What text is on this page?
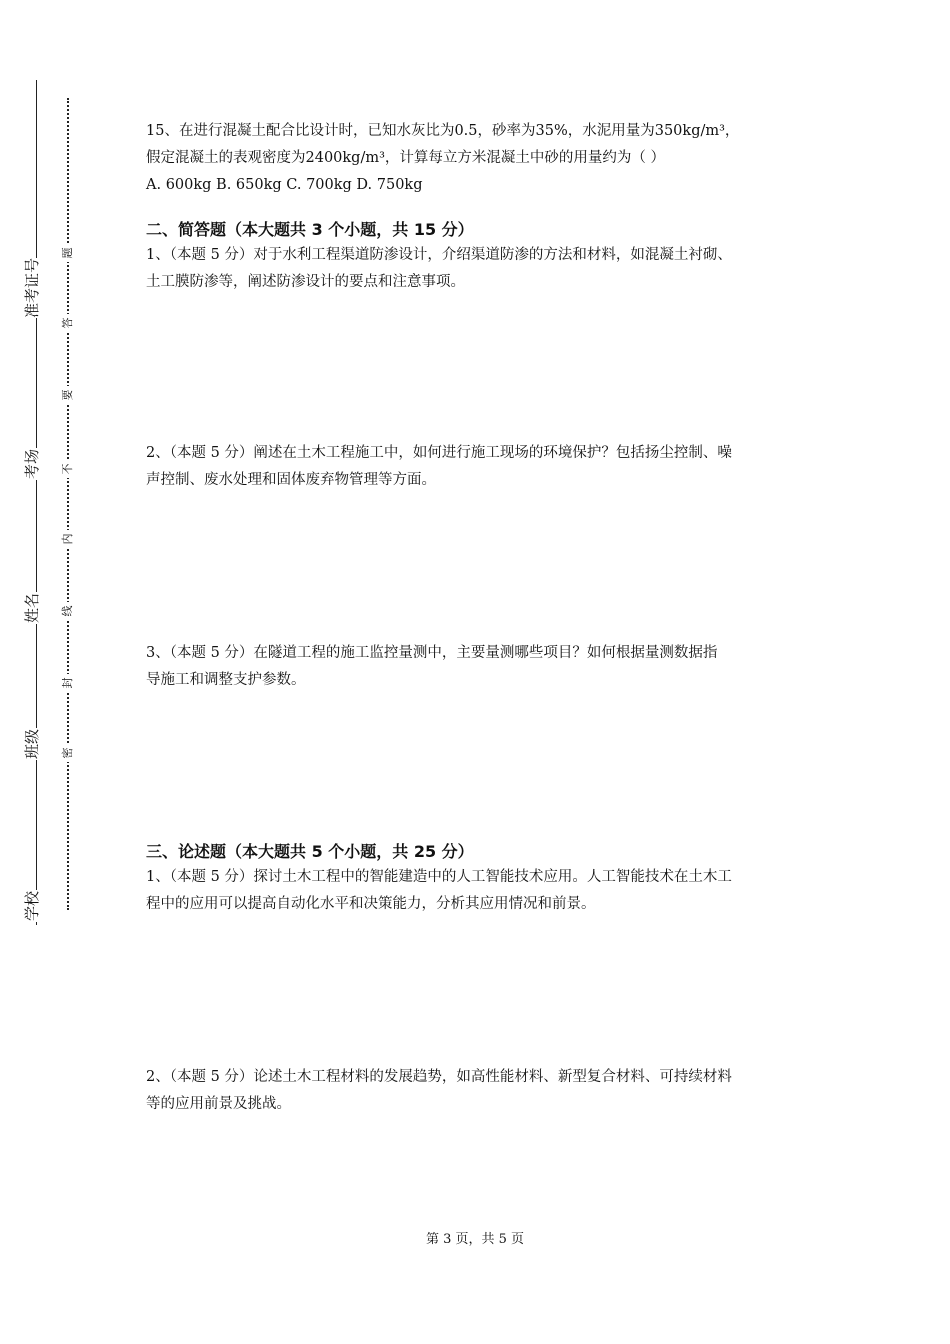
准考证号
考场
姓名
班级
学校
题
答
要
不
内
线
封
密

15、在进行混凝土配合比设计时，已知水灰比为0.5，砂率为35%，水泥用量为350kg/m³，

假定混凝土的表观密度为2400kg/m³，计算每立方米混凝土中砂的用量约为（ ）

A. 600kg B. 650kg C. 700kg D. 750kg

二、简答题（本大题共 3 个小题，共 15 分）

1、（本题 5 分）对于水利工程渠道防渗设计，介绍渠道防渗的方法和材料，如混凝土衬砌、

土工膜防渗等，阐述防渗设计的要点和注意事项。

2、（本题 5 分）阐述在土木工程施工中，如何进行施工现场的环境保护？包括扬尘控制、噪

声控制、废水处理和固体废弃物管理等方面。

3、（本题 5 分）在隧道工程的施工监控量测中，主要量测哪些项目？如何根据量测数据指

导施工和调整支护参数。

三、论述题（本大题共 5 个小题，共 25 分）

1、（本题 5 分）探讨土木工程中的智能建造中的人工智能技术应用。人工智能技术在土木工

程中的应用可以提高自动化水平和决策能力，分析其应用情况和前景。

2、（本题 5 分）论述土木工程材料的发展趋势，如高性能材料、新型复合材料、可持续材料

等的应用前景及挑战。

第 3 页，共 5 页
